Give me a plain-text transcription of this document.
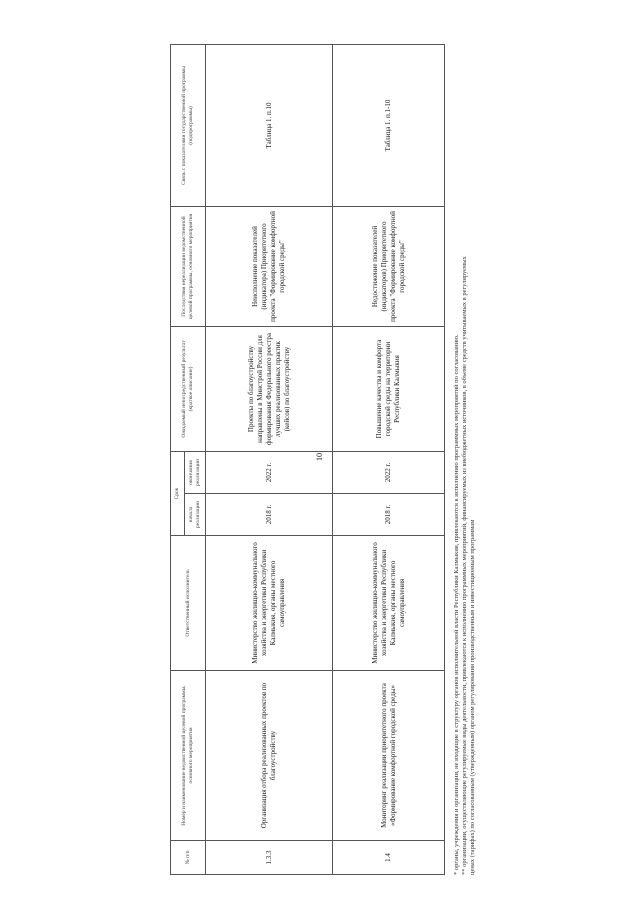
10
№ п/п	Номер и наименование ведомственной целевой программы, основного мероприятия	Ответственный исполнитель	Срок		Ожидаемый непосредственный результат (краткое описание)	Последствия нереализации ведомственной целевой программы, основного мероприятия	Связь с показателями государственной программы (подпрограммы)
			начала реализации	окончания реализации			
1.3.3	Организация отбора реализованных проектов по благоустройству	Министерство жилищно-коммунального хозяйства и энергетики Республики Калмыкия, органы местного самоуправления	2018 г.	2022 г.	Проекты по благоустройству направлены в Минстрой России для формирования Федерального реестра лучших реализованных практик (кейсов) по благоустройству	Неисполнение показателей (индикатора) Приоритетного проекта "Формирование комфортной городской среды"	Таблица 1. п.10
1.4	Мониторинг реализации приоритетного проекта «Формирование комфортной городской среды»	Министерство жилищно-коммунального хозяйства и энергетики Республики Калмыкия, органы местного самоуправления	2018 г.	2022 г.	Повышение качества и комфорта городской среды на территории Республики Калмыкия	Недостижение показателей (индикаторов) Приоритетного проекта "Формирование комфортной городской среды"	Таблица 1. п.1-10
* органы, учреждения и организации, не входящие в структуру органов исполнительной власти Республики Калмыкия, привлекаются к исполнению программных мероприятий по согласованию. ** организации, осуществляющие регулируемые виды деятельности, привлекаются к исполнению программных мероприятий, финансируемых из внебюджетных источников, в объеме средств учитываемых в регулируемых ценах (тарифах) по согласованным (утвержденным) органом регулирования производственным и инвестиционным программам
